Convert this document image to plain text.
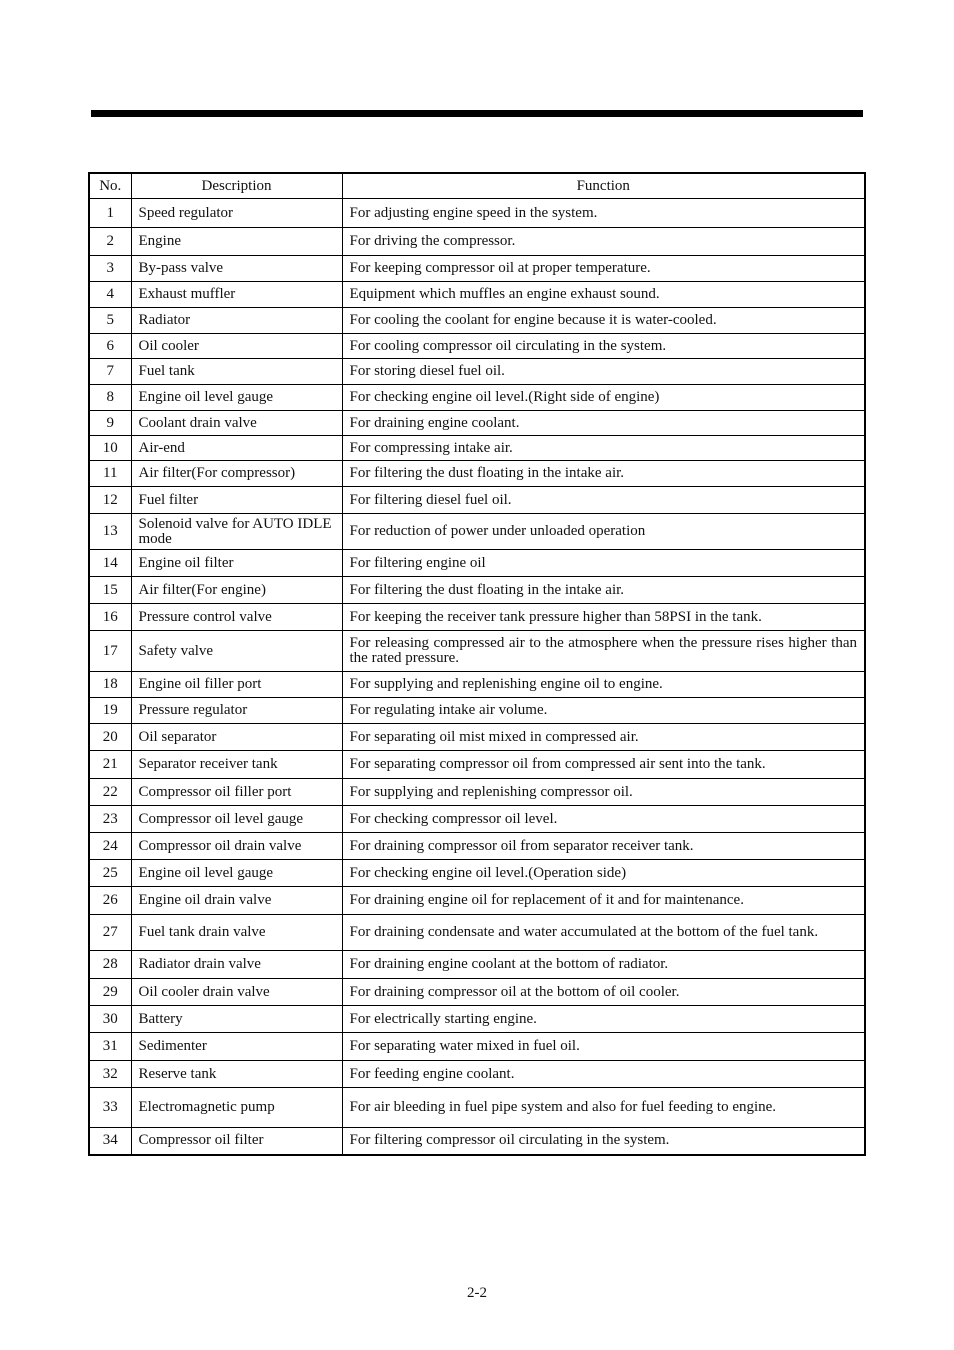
No.	Description	Function
1	Speed regulator	For adjusting engine speed in the system.
2	Engine	For driving the compressor.
3	By-pass valve	For keeping compressor oil at proper temperature.
4	Exhaust muffler	Equipment which muffles an engine exhaust sound.
5	Radiator	For cooling the coolant for engine because it is water-cooled.
6	Oil cooler	For cooling compressor oil circulating in the system.
7	Fuel tank	For storing diesel fuel oil.
8	Engine oil level gauge	For checking engine oil level.(Right side of engine)
9	Coolant drain valve	For draining engine coolant.
10	Air-end	For compressing intake air.
11	Air filter(For compressor)	For filtering the dust floating in the intake air.
12	Fuel filter	For filtering diesel fuel oil.
13	Solenoid valve for AUTO IDLE mode	For reduction of power under unloaded operation
14	Engine oil filter	For filtering engine oil
15	Air filter(For engine)	For filtering the dust floating in the intake air.
16	Pressure control valve	For keeping the receiver tank pressure higher than 58PSI in the tank.
17	Safety valve	For releasing compressed air to the atmosphere when the pressure rises higher than the rated pressure.
18	Engine oil filler port	For supplying and replenishing engine oil to engine.
19	Pressure regulator	For regulating intake air volume.
20	Oil separator	For separating oil mist mixed in compressed air.
21	Separator receiver tank	For separating compressor oil from compressed air sent into the tank.
22	Compressor oil filler port	For supplying and replenishing compressor oil.
23	Compressor oil level gauge	For checking compressor oil level.
24	Compressor oil drain valve	For draining compressor oil from separator receiver tank.
25	Engine oil level gauge	For checking engine oil level.(Operation side)
26	Engine oil drain valve	For draining engine oil for replacement of it and for maintenance.
27	Fuel tank drain valve	For draining condensate and water accumulated at the bottom of the fuel tank.
28	Radiator drain valve	For draining engine coolant at the bottom of radiator.
29	Oil cooler drain valve	For draining compressor oil at the bottom of oil cooler.
30	Battery	For electrically starting engine.
31	Sedimenter	For separating water mixed in fuel oil.
32	Reserve tank	For feeding engine coolant.
33	Electromagnetic pump	For air bleeding in fuel pipe system and also for fuel feeding to engine.
34	Compressor oil filter	For filtering compressor oil circulating in the system.
2-2
